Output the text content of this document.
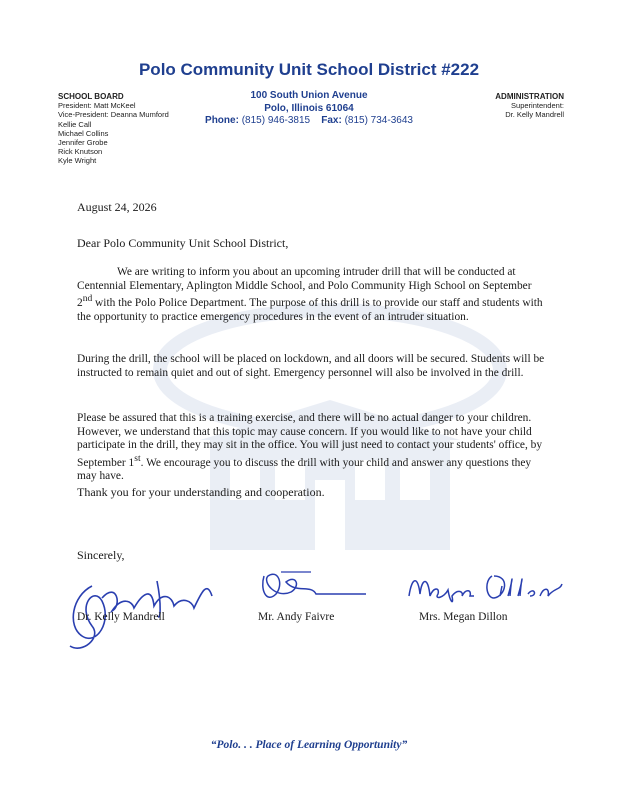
Polo Community Unit School District #222
SCHOOL BOARD
President: Matt McKeel
Vice-President: Deanna Mumford
Kellie Call
Michael Collins
Jennifer Grobe
Rick Knutson
Kyle Wright
100 South Union Avenue
Polo, Illinois 61064
Phone: (815) 946-3815 Fax: (815) 734-3643
ADMINISTRATION
Superintendent:
Dr. Kelly Mandrell
August 24, 2026
Dear Polo Community Unit School District,
We are writing to inform you about an upcoming intruder drill that will be conducted at Centennial Elementary, Aplington Middle School, and Polo Community High School on September 2nd with the Polo Police Department. The purpose of this drill is to provide our staff and students with the opportunity to practice emergency procedures in the event of an intruder situation.
During the drill, the school will be placed on lockdown, and all doors will be secured. Students will be instructed to remain quiet and out of sight. Emergency personnel will also be involved in the drill.
Please be assured that this is a training exercise, and there will be no actual danger to your children. However, we understand that this topic may cause concern. If you would like to not have your child participate in the drill, they may sit in the office. You will just need to contact your students' office, by September 1st. We encourage you to discuss the drill with your child and answer any questions they may have.
Thank you for your understanding and cooperation.
Sincerely,
Dr. Kelly Mandrell	Mr. Andy Faivre	Mrs. Megan Dillon
“Polo. . . Place of Learning Opportunity”
